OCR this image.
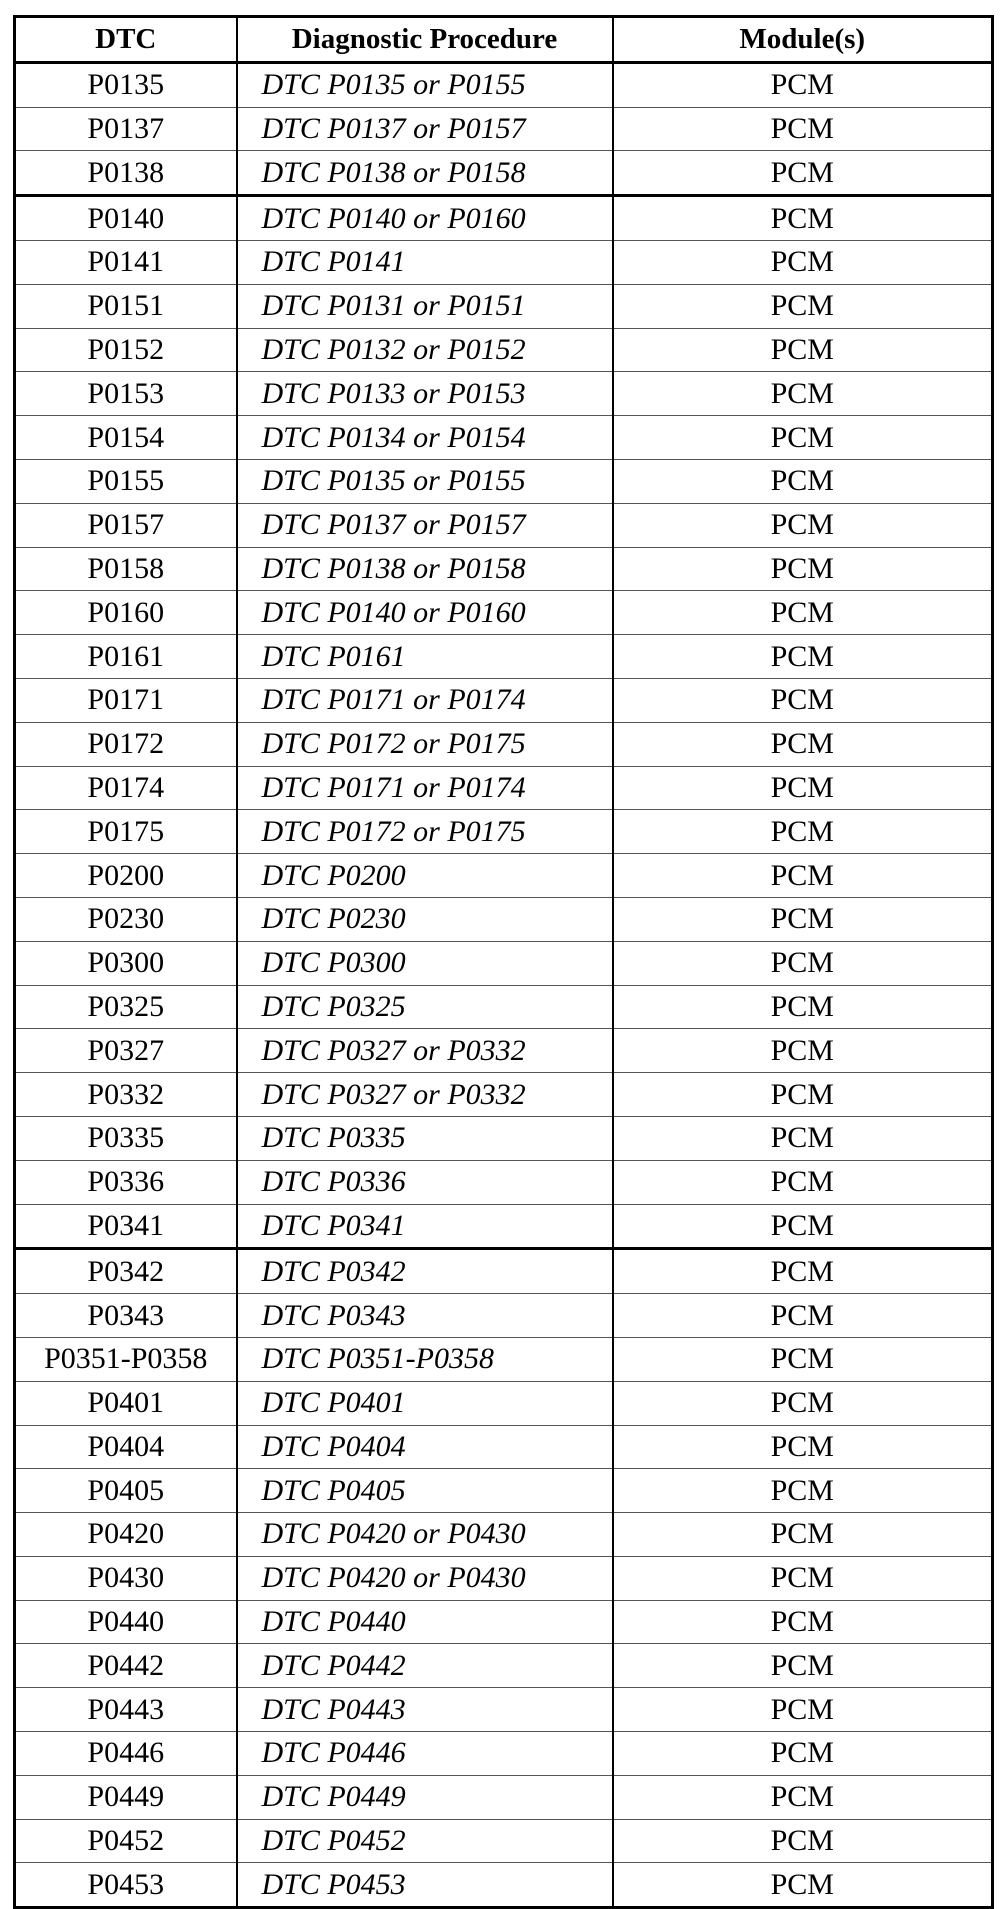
DTC	Diagnostic Procedure	Module(s)
P0135	DTC P0135 or P0155	PCM
P0137	DTC P0137 or P0157	PCM
P0138	DTC P0138 or P0158	PCM
P0140	DTC P0140 or P0160	PCM
P0141	DTC P0141	PCM
P0151	DTC P0131 or P0151	PCM
P0152	DTC P0132 or P0152	PCM
P0153	DTC P0133 or P0153	PCM
P0154	DTC P0134 or P0154	PCM
P0155	DTC P0135 or P0155	PCM
P0157	DTC P0137 or P0157	PCM
P0158	DTC P0138 or P0158	PCM
P0160	DTC P0140 or P0160	PCM
P0161	DTC P0161	PCM
P0171	DTC P0171 or P0174	PCM
P0172	DTC P0172 or P0175	PCM
P0174	DTC P0171 or P0174	PCM
P0175	DTC P0172 or P0175	PCM
P0200	DTC P0200	PCM
P0230	DTC P0230	PCM
P0300	DTC P0300	PCM
P0325	DTC P0325	PCM
P0327	DTC P0327 or P0332	PCM
P0332	DTC P0327 or P0332	PCM
P0335	DTC P0335	PCM
P0336	DTC P0336	PCM
P0341	DTC P0341	PCM
P0342	DTC P0342	PCM
P0343	DTC P0343	PCM
P0351-P0358	DTC P0351-P0358	PCM
P0401	DTC P0401	PCM
P0404	DTC P0404	PCM
P0405	DTC P0405	PCM
P0420	DTC P0420 or P0430	PCM
P0430	DTC P0420 or P0430	PCM
P0440	DTC P0440	PCM
P0442	DTC P0442	PCM
P0443	DTC P0443	PCM
P0446	DTC P0446	PCM
P0449	DTC P0449	PCM
P0452	DTC P0452	PCM
P0453	DTC P0453	PCM
